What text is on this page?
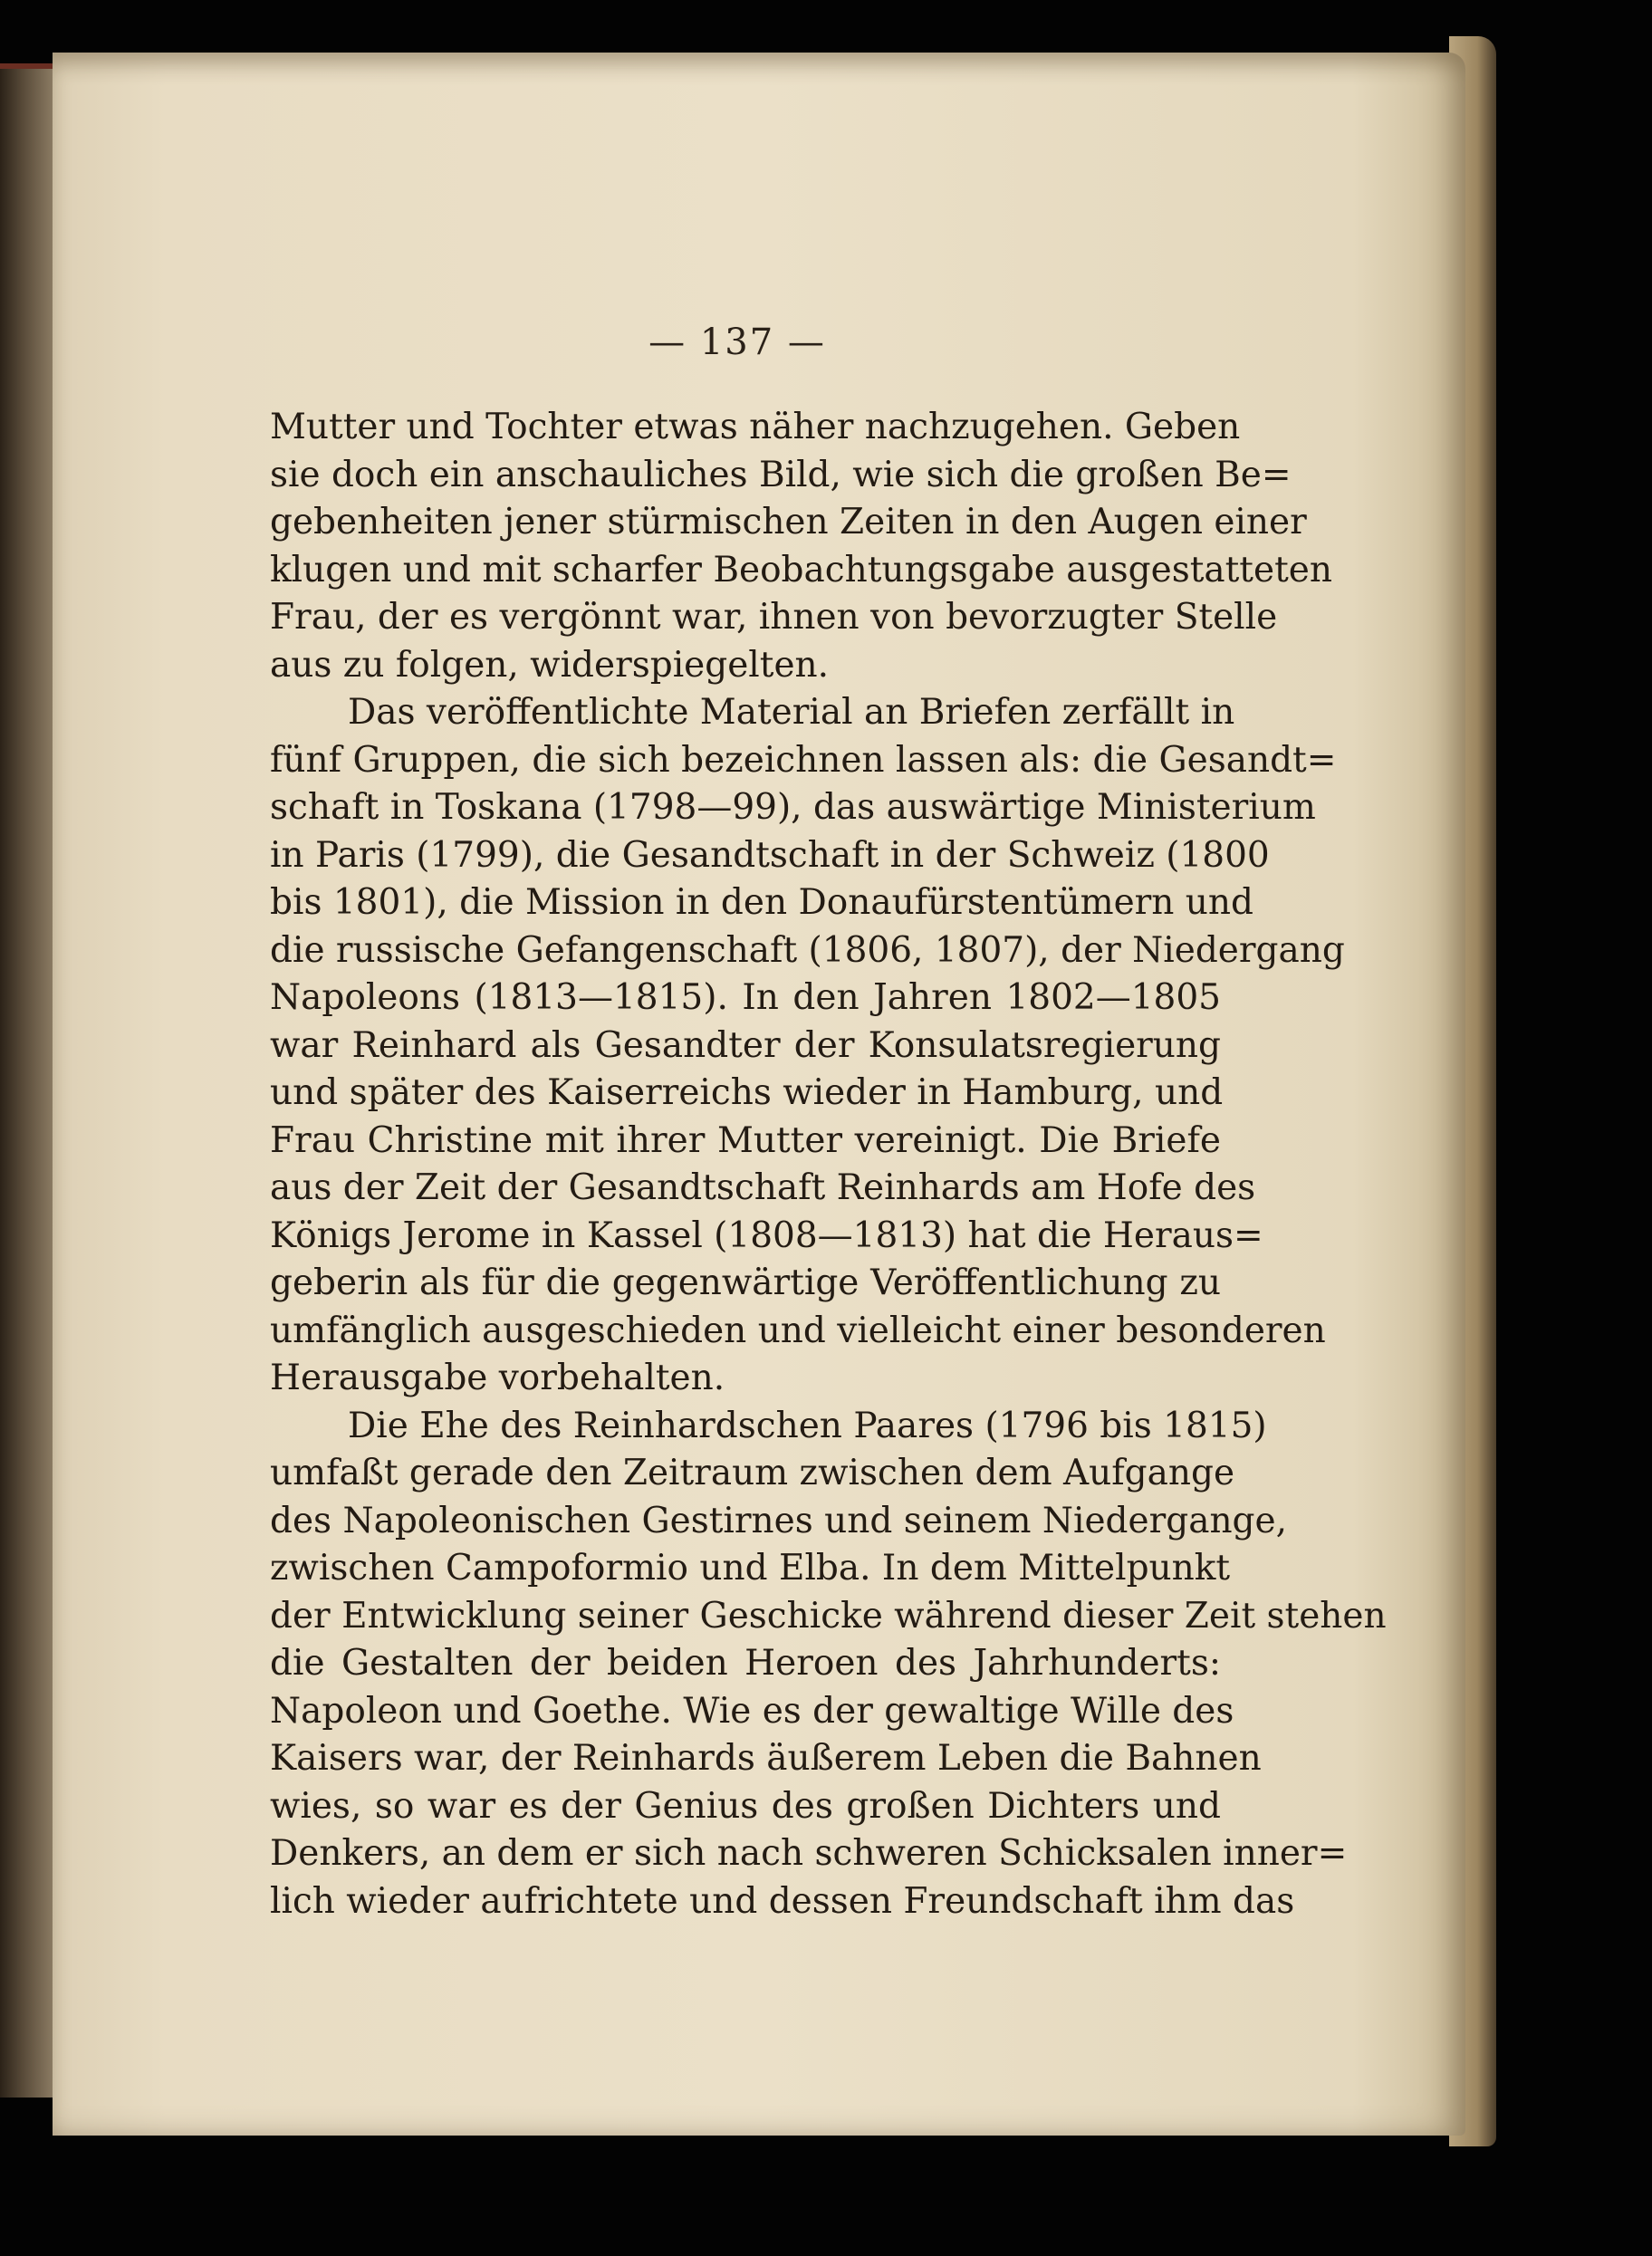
— 137 —
Mutter und Tochter etwas näher nachzugehen. Geben
sie doch ein anschauliches Bild, wie sich die großen Be=
gebenheiten jener stürmischen Zeiten in den Augen einer
klugen und mit scharfer Beobachtungsgabe ausgestatteten
Frau, der es vergönnt war, ihnen von bevorzugter Stelle
aus zu folgen, widerspiegelten.
Das veröffentlichte Material an Briefen zerfällt in
fünf Gruppen, die sich bezeichnen lassen als: die Gesandt=
schaft in Toskana (1798—99), das auswärtige Ministerium
in Paris (1799), die Gesandtschaft in der Schweiz (1800
bis 1801), die Mission in den Donaufürstentümern und
die russische Gefangenschaft (1806, 1807), der Niedergang
Napoleons (1813—1815). In den Jahren 1802—1805
war Reinhard als Gesandter der Konsulatsregierung
und später des Kaiserreichs wieder in Hamburg, und
Frau Christine mit ihrer Mutter vereinigt. Die Briefe
aus der Zeit der Gesandtschaft Reinhards am Hofe des
Königs Jerome in Kassel (1808—1813) hat die Heraus=
geberin als für die gegenwärtige Veröffentlichung zu
umfänglich ausgeschieden und vielleicht einer besonderen
Herausgabe vorbehalten.
Die Ehe des Reinhardschen Paares (1796 bis 1815)
umfaßt gerade den Zeitraum zwischen dem Aufgange
des Napoleonischen Gestirnes und seinem Niedergange,
zwischen Campoformio und Elba. In dem Mittelpunkt
der Entwicklung seiner Geschicke während dieser Zeit stehen
die Gestalten der beiden Heroen des Jahrhunderts:
Napoleon und Goethe. Wie es der gewaltige Wille des
Kaisers war, der Reinhards äußerem Leben die Bahnen
wies, so war es der Genius des großen Dichters und
Denkers, an dem er sich nach schweren Schicksalen inner=
lich wieder aufrichtete und dessen Freundschaft ihm das
